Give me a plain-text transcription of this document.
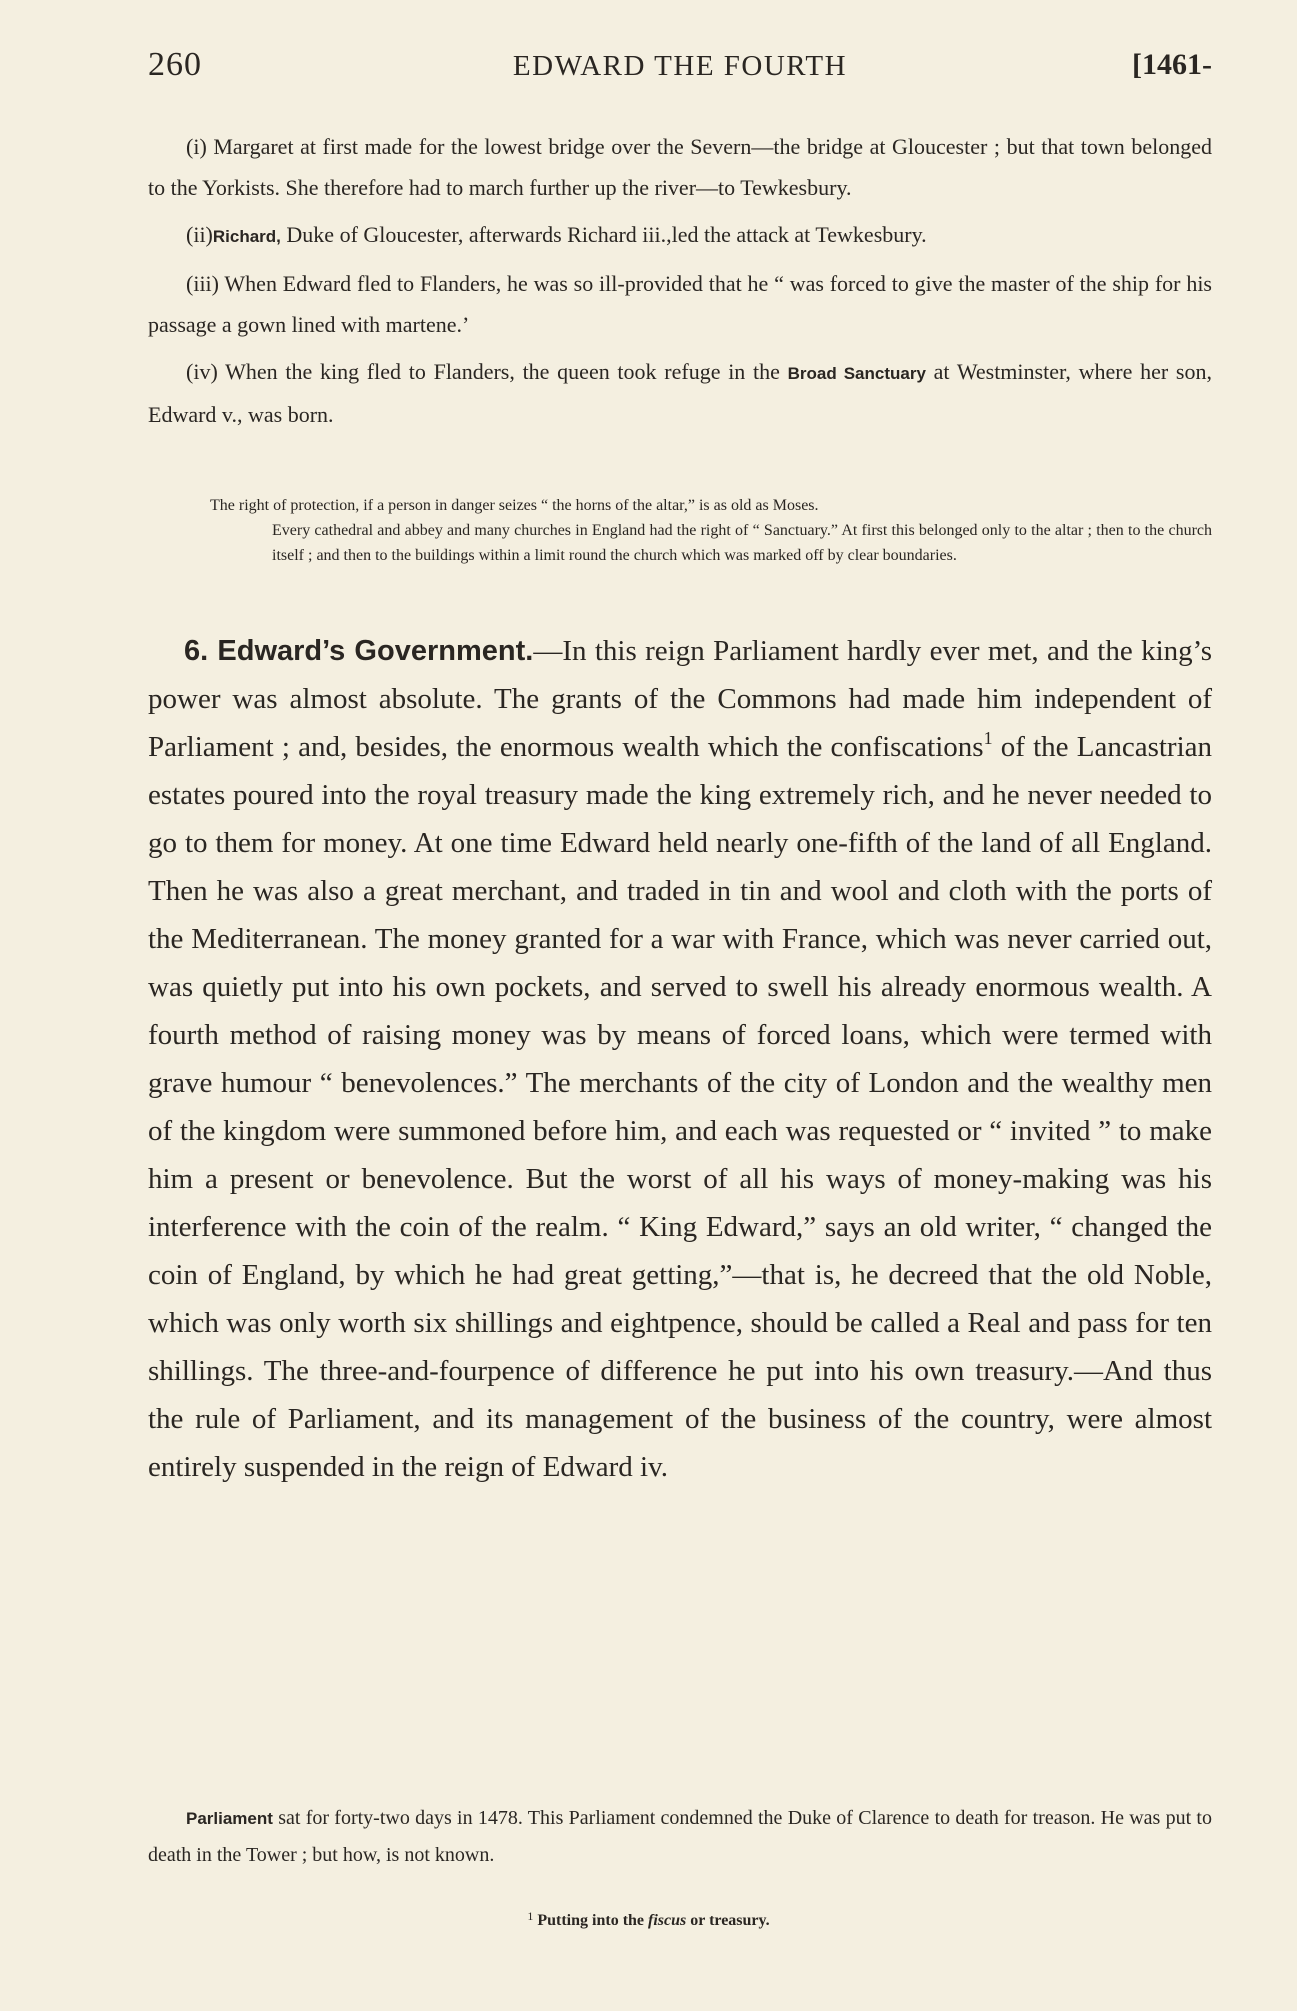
260	EDWARD THE FOURTH	[1461-

(i) Margaret at first made for the lowest bridge over the Severn—the bridge at Gloucester ; but that town belonged to the Yorkists. She therefore had to march further up the river—to Tewkesbury.

(ii)Richard, Duke of Gloucester, afterwards Richard iii.,led the attack at Tewkesbury.

(iii) When Edward fled to Flanders, he was so ill-provided that he “ was forced to give the master of the ship for his passage a gown lined with martene.’

(iv) When the king fled to Flanders, the queen took refuge in the Broad Sanctuary at Westminster, where her son, Edward v., was born.

The right of protection, if a person in danger seizes “ the horns of the altar,” is as old as Moses.

Every cathedral and abbey and many churches in England had the right of “ Sanctuary.” At first this belonged only to the altar ; then to the church itself ; and then to the buildings within a limit round the church which was marked off by clear boundaries.

6. Edward’s Government.—In this reign Parliament hardly ever met, and the king’s power was almost absolute. The grants of the Commons had made him independent of Parliament ; and, besides, the enormous wealth which the confiscations$^1$ of the Lancastrian estates poured into the royal treasury made the king extremely rich, and he never needed to go to them for money. At one time Edward held nearly one-fifth of the land of all England. Then he was also a great merchant, and traded in tin and wool and cloth with the ports of the Mediterranean. The money granted for a war with France, which was never carried out, was quietly put into his own pockets, and served to swell his already enormous wealth. A fourth method of raising money was by means of forced loans, which were termed with grave humour “ benevolences.” The merchants of the city of London and the wealthy men of the kingdom were summoned before him, and each was requested or “ invited ” to make him a present or benevolence. But the worst of all his ways of money-making was his interference with the coin of the realm. “ King Edward,” says an old writer, “ changed the coin of England, by which he had great getting,”—that is, he decreed that the old Noble, which was only worth six shillings and eightpence, should be called a Real and pass for ten shillings. The three-and-fourpence of difference he put into his own treasury.—And thus the rule of Parliament, and its management of the business of the country, were almost entirely suspended in the reign of Edward iv.

Parliament sat for forty-two days in 1478. This Parliament condemned the Duke of Clarence to death for treason. He was put to death in the Tower ; but how, is not known.

$^1$ Putting into the fiscus or treasury.
